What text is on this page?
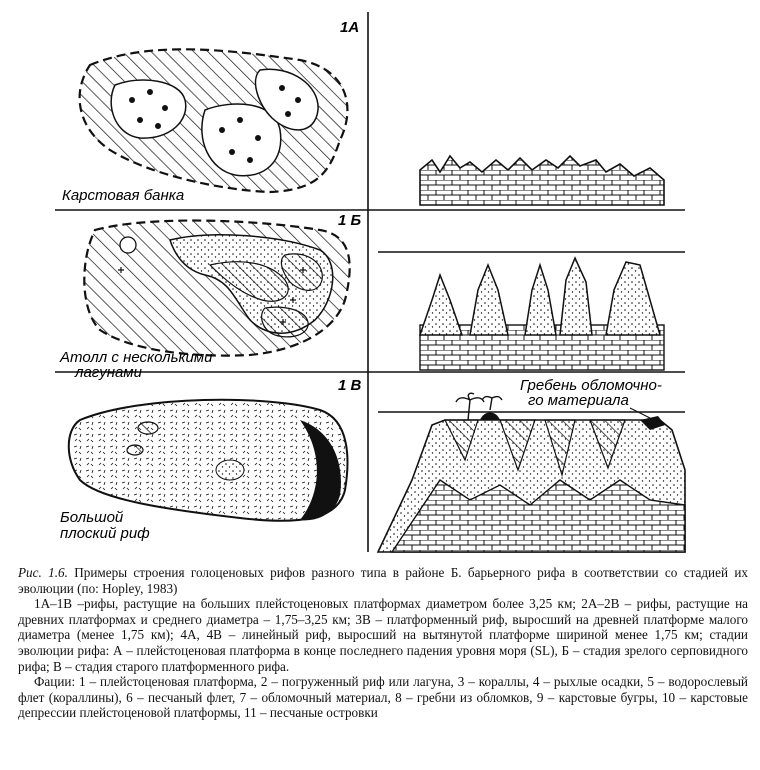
1А
Карстовая банка
1 Б
Атолл с несколькими
лагунами
1 В
Большой
плоский риф
Гребень обломочно-
го материала

Рис. 1.6. Примеры строения голоценовых рифов разного типа в районе Б. барьерного рифа в соответствии со стадией их эволюции (по: Hopley, 1983)

1А–1В –рифы, растущие на больших плейстоценовых платформах диаметром более 3,25 км; 2А–2В – рифы, растущие на древних платформах и среднего диаметра – 1,75–3,25 км; 3В – платформенный риф, выросший на древней платформе малого диаметра (менее 1,75 км); 4А, 4В – линейный риф, выросший на вытянутой платформе шириной менее 1,75 км; стадии эволюции рифа: А – плейстоценовая платформа в конце последнего падения уровня моря (SL), Б – стадия зрелого серповидного рифа; В – стадия старого платформенного рифа.

Фации: 1 – плейстоценовая платформа, 2 – погруженный риф или лагуна, 3 – кораллы, 4 – рыхлые осадки, 5 – водорослевый флет (кораллины), 6 – песчаный флет, 7 – обломочный материал, 8 – гребни из обломков, 9 – карстовые бугры, 10 – карстовые депрессии плейстоценовой платформы, 11 – песчаные островки
